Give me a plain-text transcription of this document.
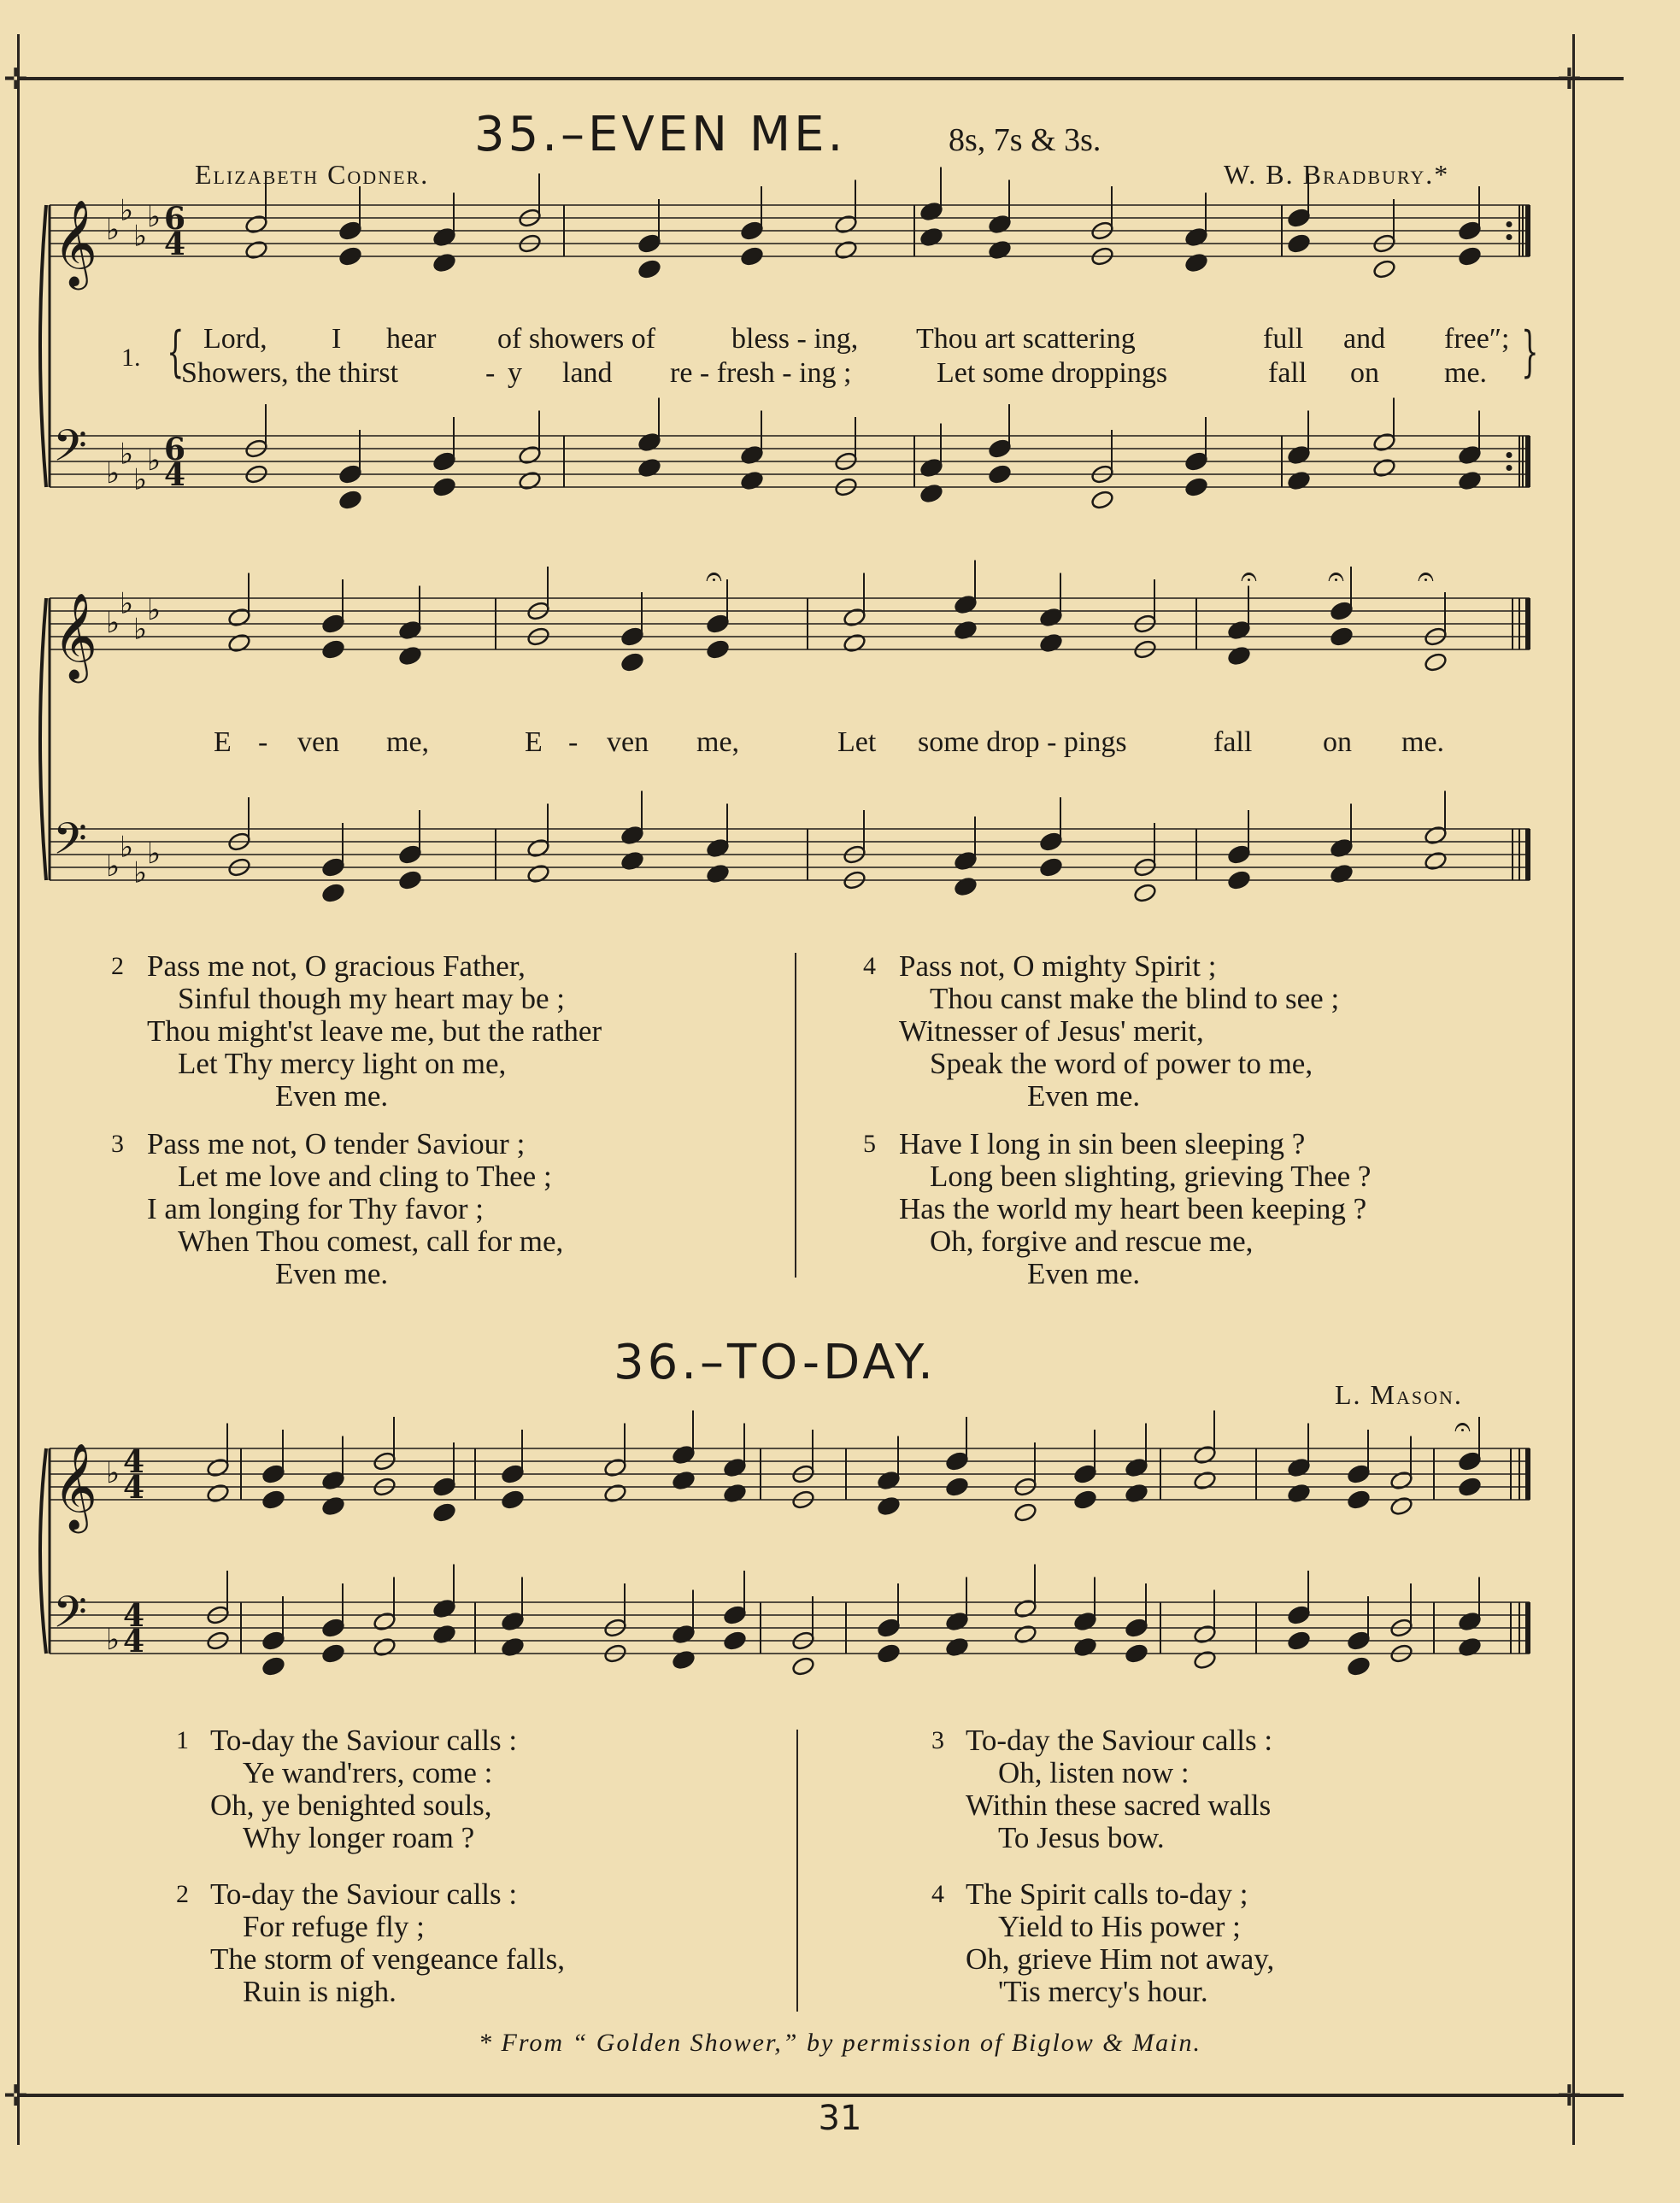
✛	✛
✛	✛
35.–EVEN ME.	8s, 7s & 3s.
Elizabeth Codner.	W. B. Bradbury.*
𝄞 ♭
♭
♭
♭ 6
4
𝄢 ♭
♭
♭
♭ 6
4
1. {	}
Lord, I hear of showers of	bless - ing, Thou art scattering	full and free″;
Showers, the thirst	- y land re - fresh - ing ;	Let some droppings	fall on me.
𝄞 ♭
♭
♭
♭
𝄢 ♭
♭
♭
♭
𝄐	𝄐 𝄐	𝄐
E - ven me,	E - ven me,	Let some drop - pings	fall on me.
2 Pass me not, O gracious Father,
Sinful though my heart may be ;
Thou might'st leave me, but the rather
Let Thy mercy light on me,
Even me.
3 Pass me not, O tender Saviour ;
Let me love and cling to Thee ;
I am longing for Thy favor ;
When Thou comest, call for me,
Even me.
4 Pass not, O mighty Spirit ;
Thou canst make the blind to see ;
Witnesser of Jesus' merit,
Speak the word of power to me,
Even me.
5 Have I long in sin been sleeping ?
Long been slighting, grieving Thee ?
Has the world my heart been keeping ?
Oh, forgive and rescue me,
Even me.
36.–TO-DAY.
L. Mason.
𝄞 ♭ 4
4
𝄢 ♭
4
4
𝄐
1 To-day the Saviour calls :
Ye wand'rers, come :
Oh, ye benighted souls,
Why longer roam ?
2 To-day the Saviour calls :
For refuge fly ;
The storm of vengeance falls,
Ruin is nigh.
3 To-day the Saviour calls :
Oh, listen now :
Within these sacred walls
To Jesus bow.
4 The Spirit calls to-day ;
Yield to His power ;
Oh, grieve Him not away,
'Tis mercy's hour.
* From “ Golden Shower,” by permission of Biglow & Main.
31
